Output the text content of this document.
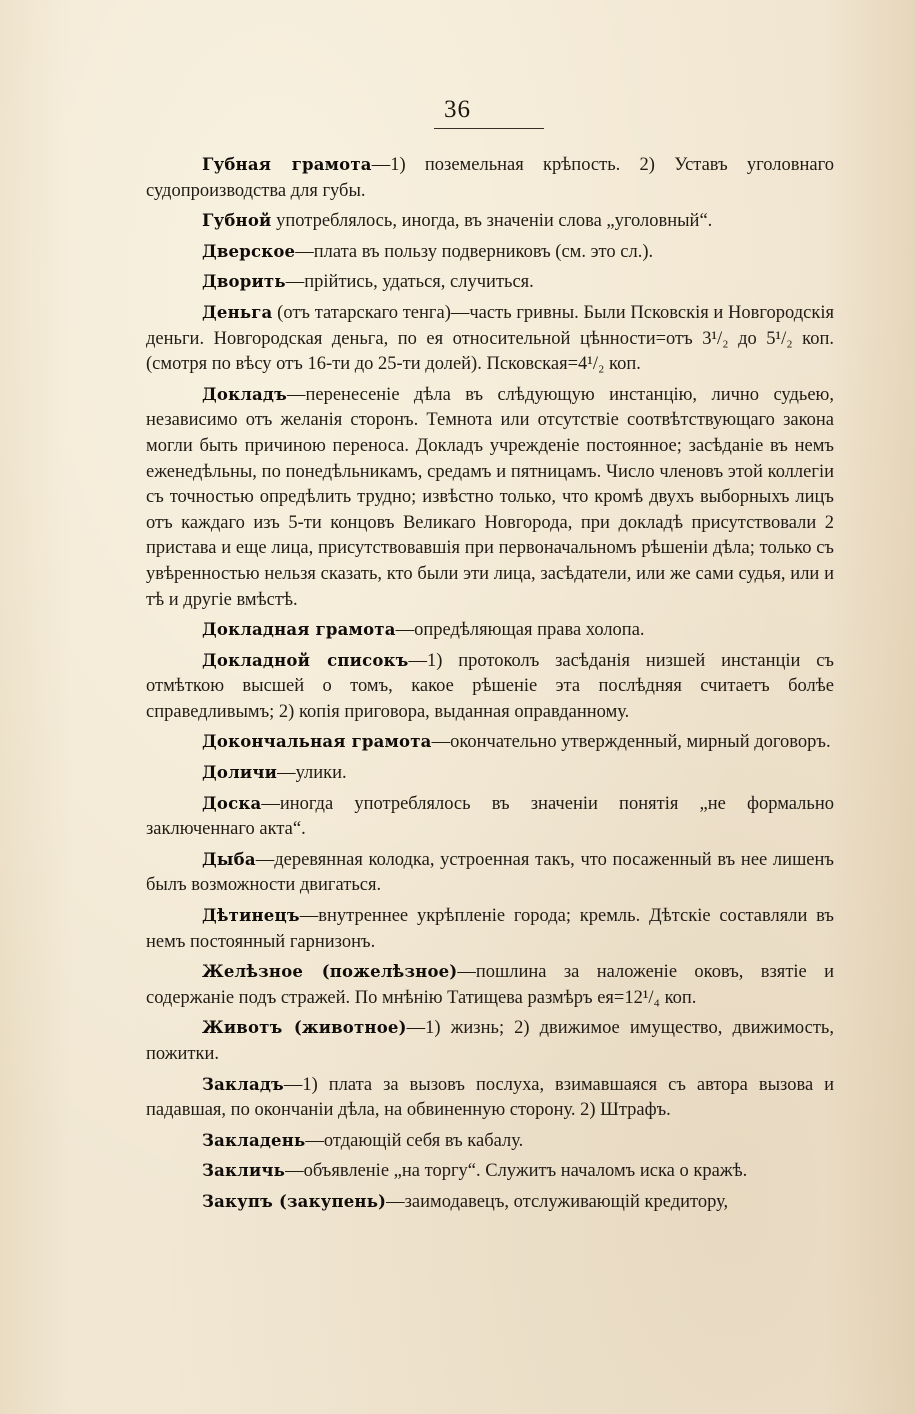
36

Губная грамота—1) поземельная крѣпость. 2) Уставъ уголовнаго судопроизводства для губы.

Губной употреблялось, иногда, въ значенiи слова „уголовный“.

Дверское—плата въ пользу подверниковъ (см. это сл.).

Дворить—прiйтись, удаться, случиться.

Деньга (отъ татарскаго тенга)—часть гривны. Были Псковскiя и Новгородскiя деньги. Новгородская деньга, по ея относительной цѣнности=отъ 3¹/₂ до 5¹/₂ коп. (смотря по вѣсу отъ 16-ти до 25-ти долей). Псковская=4¹/₂ коп.

Докладъ—перенесенiе дѣла въ слѣдующую инстанцiю, лично судьею, независимо отъ желанiя сторонъ. Темнота или отсутствiе соотвѣтствующаго закона могли быть причиною переноса. Докладъ учрежденiе постоянное; засѣданiе въ немъ еженедѣльны, по понедѣльникамъ, средамъ и пятницамъ. Число членовъ этой коллегiи съ точностью опредѣлить трудно; извѣстно только, что кромѣ двухъ выборныхъ лицъ отъ каждаго изъ 5-ти концовъ Великаго Новгорода, при докладѣ присутствовали 2 пристава и еще лица, присутствовавшiя при первоначальномъ рѣшенiи дѣла; только съ увѣренностью нельзя сказать, кто были эти лица, засѣдатели, или же сами судья, или и тѣ и другiе вмѣстѣ.

Докладная грамота—опредѣляющая права холопа.

Докладной списокъ—1) протоколъ засѣданiя низшей инстанцiи съ отмѣткою высшей о томъ, какое рѣшенiе эта послѣдняя считаетъ болѣе справедливымъ; 2) копiя приговора, выданная оправданному.

Докончальная грамота—окончательно утвержденный, мирный договоръ.

Доличи—улики.

Доска—иногда употреблялось въ значенiи понятiя „не формально заключеннаго акта“.

Дыба—деревянная колодка, устроенная такъ, что посаженный въ нее лишенъ былъ возможности двигаться.

Дѣтинецъ—внутреннее укрѣпленiе города; кремль. Дѣтскiе составляли въ немъ постоянный гарнизонъ.

Желѣзное (пожелѣзное)—пошлина за наложенiе оковъ, взятiе и содержанiе подъ стражей. По мнѣнiю Татищева размѣръ ея=12¹/₄ коп.

Животъ (животное)—1) жизнь; 2) движимое имущество, движимость, пожитки.

Закладъ—1) плата за вызовъ послуха, взимавшаяся съ автора вызова и падавшая, по окончанiи дѣла, на обвиненную сторону. 2) Штрафъ.

Закладень—отдающiй себя въ кабалу.

Закличь—объявленiе „на торгу“. Служитъ началомъ иска о кражѣ.

Закупъ (закупень)—заимодавецъ, отслуживающiй кредитору,
